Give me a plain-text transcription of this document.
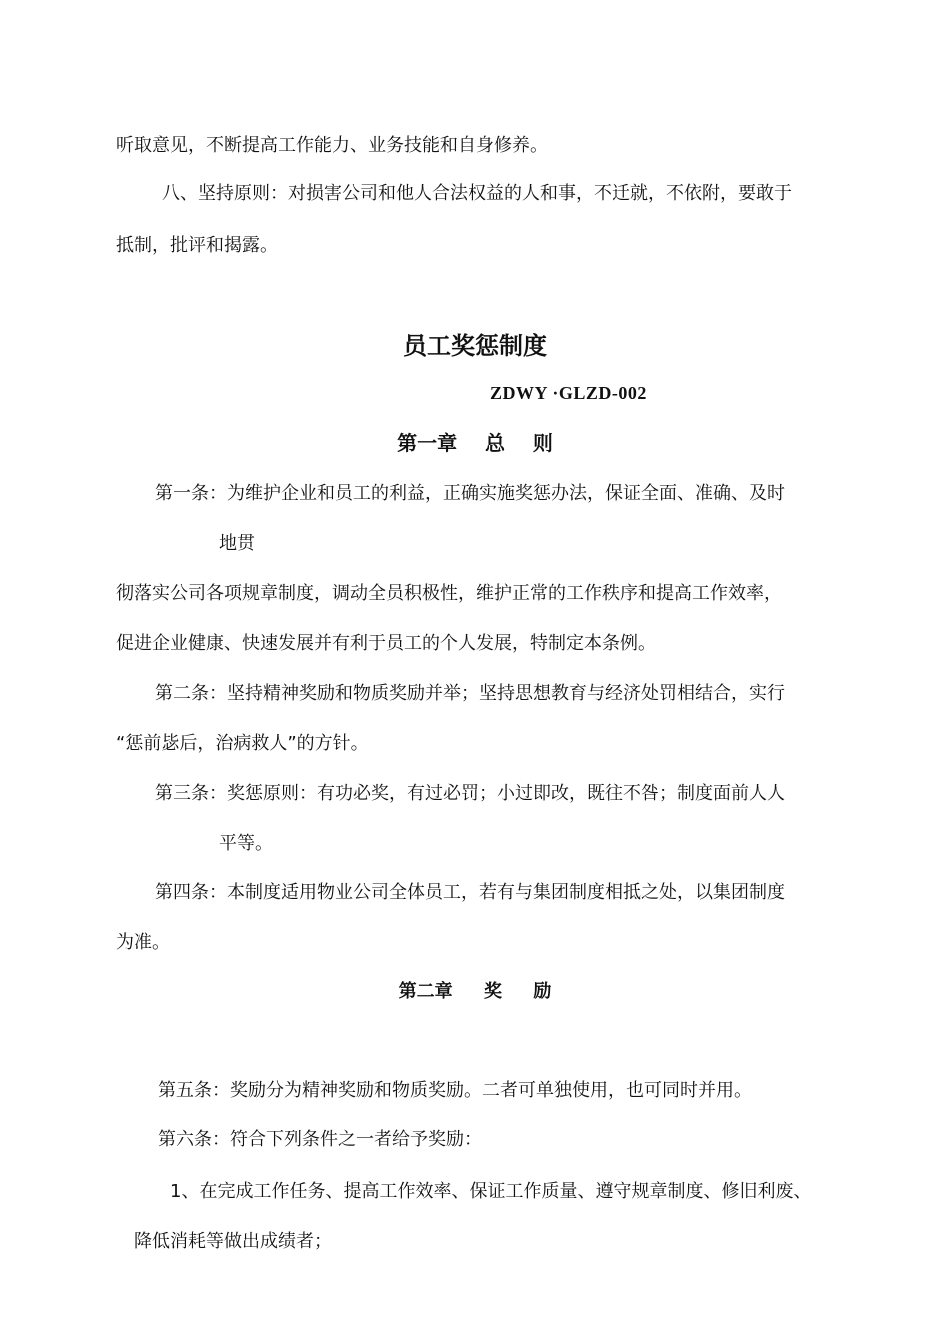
听取意见，不断提高工作能力、业务技能和自身修养。

八、坚持原则：对损害公司和他人合法权益的人和事，不迁就，不依附，要敢于

抵制，批评和揭露。

员工奖惩制度

ZDWY ·GLZD-002

第一章    总    则

第一条：为维护企业和员工的利益，正确实施奖惩办法，保证全面、准确、及时

地贯

彻落实公司各项规章制度，调动全员积极性，维护正常的工作秩序和提高工作效率，

促进企业健康、快速发展并有利于员工的个人发展，特制定本条例。

第二条：坚持精神奖励和物质奖励并举；坚持思想教育与经济处罚相结合，实行

“惩前毖后，治病救人”的方针。

第三条：奖惩原则：有功必奖，有过必罚；小过即改，既往不咎；制度面前人人

平等。

第四条：本制度适用物业公司全体员工，若有与集团制度相抵之处，以集团制度

为准。

第二章     奖     励

第五条：奖励分为精神奖励和物质奖励。二者可单独使用，也可同时并用。

第六条：符合下列条件之一者给予奖励：

1、在完成工作任务、提高工作效率、保证工作质量、遵守规章制度、修旧利废、

降低消耗等做出成绩者；
